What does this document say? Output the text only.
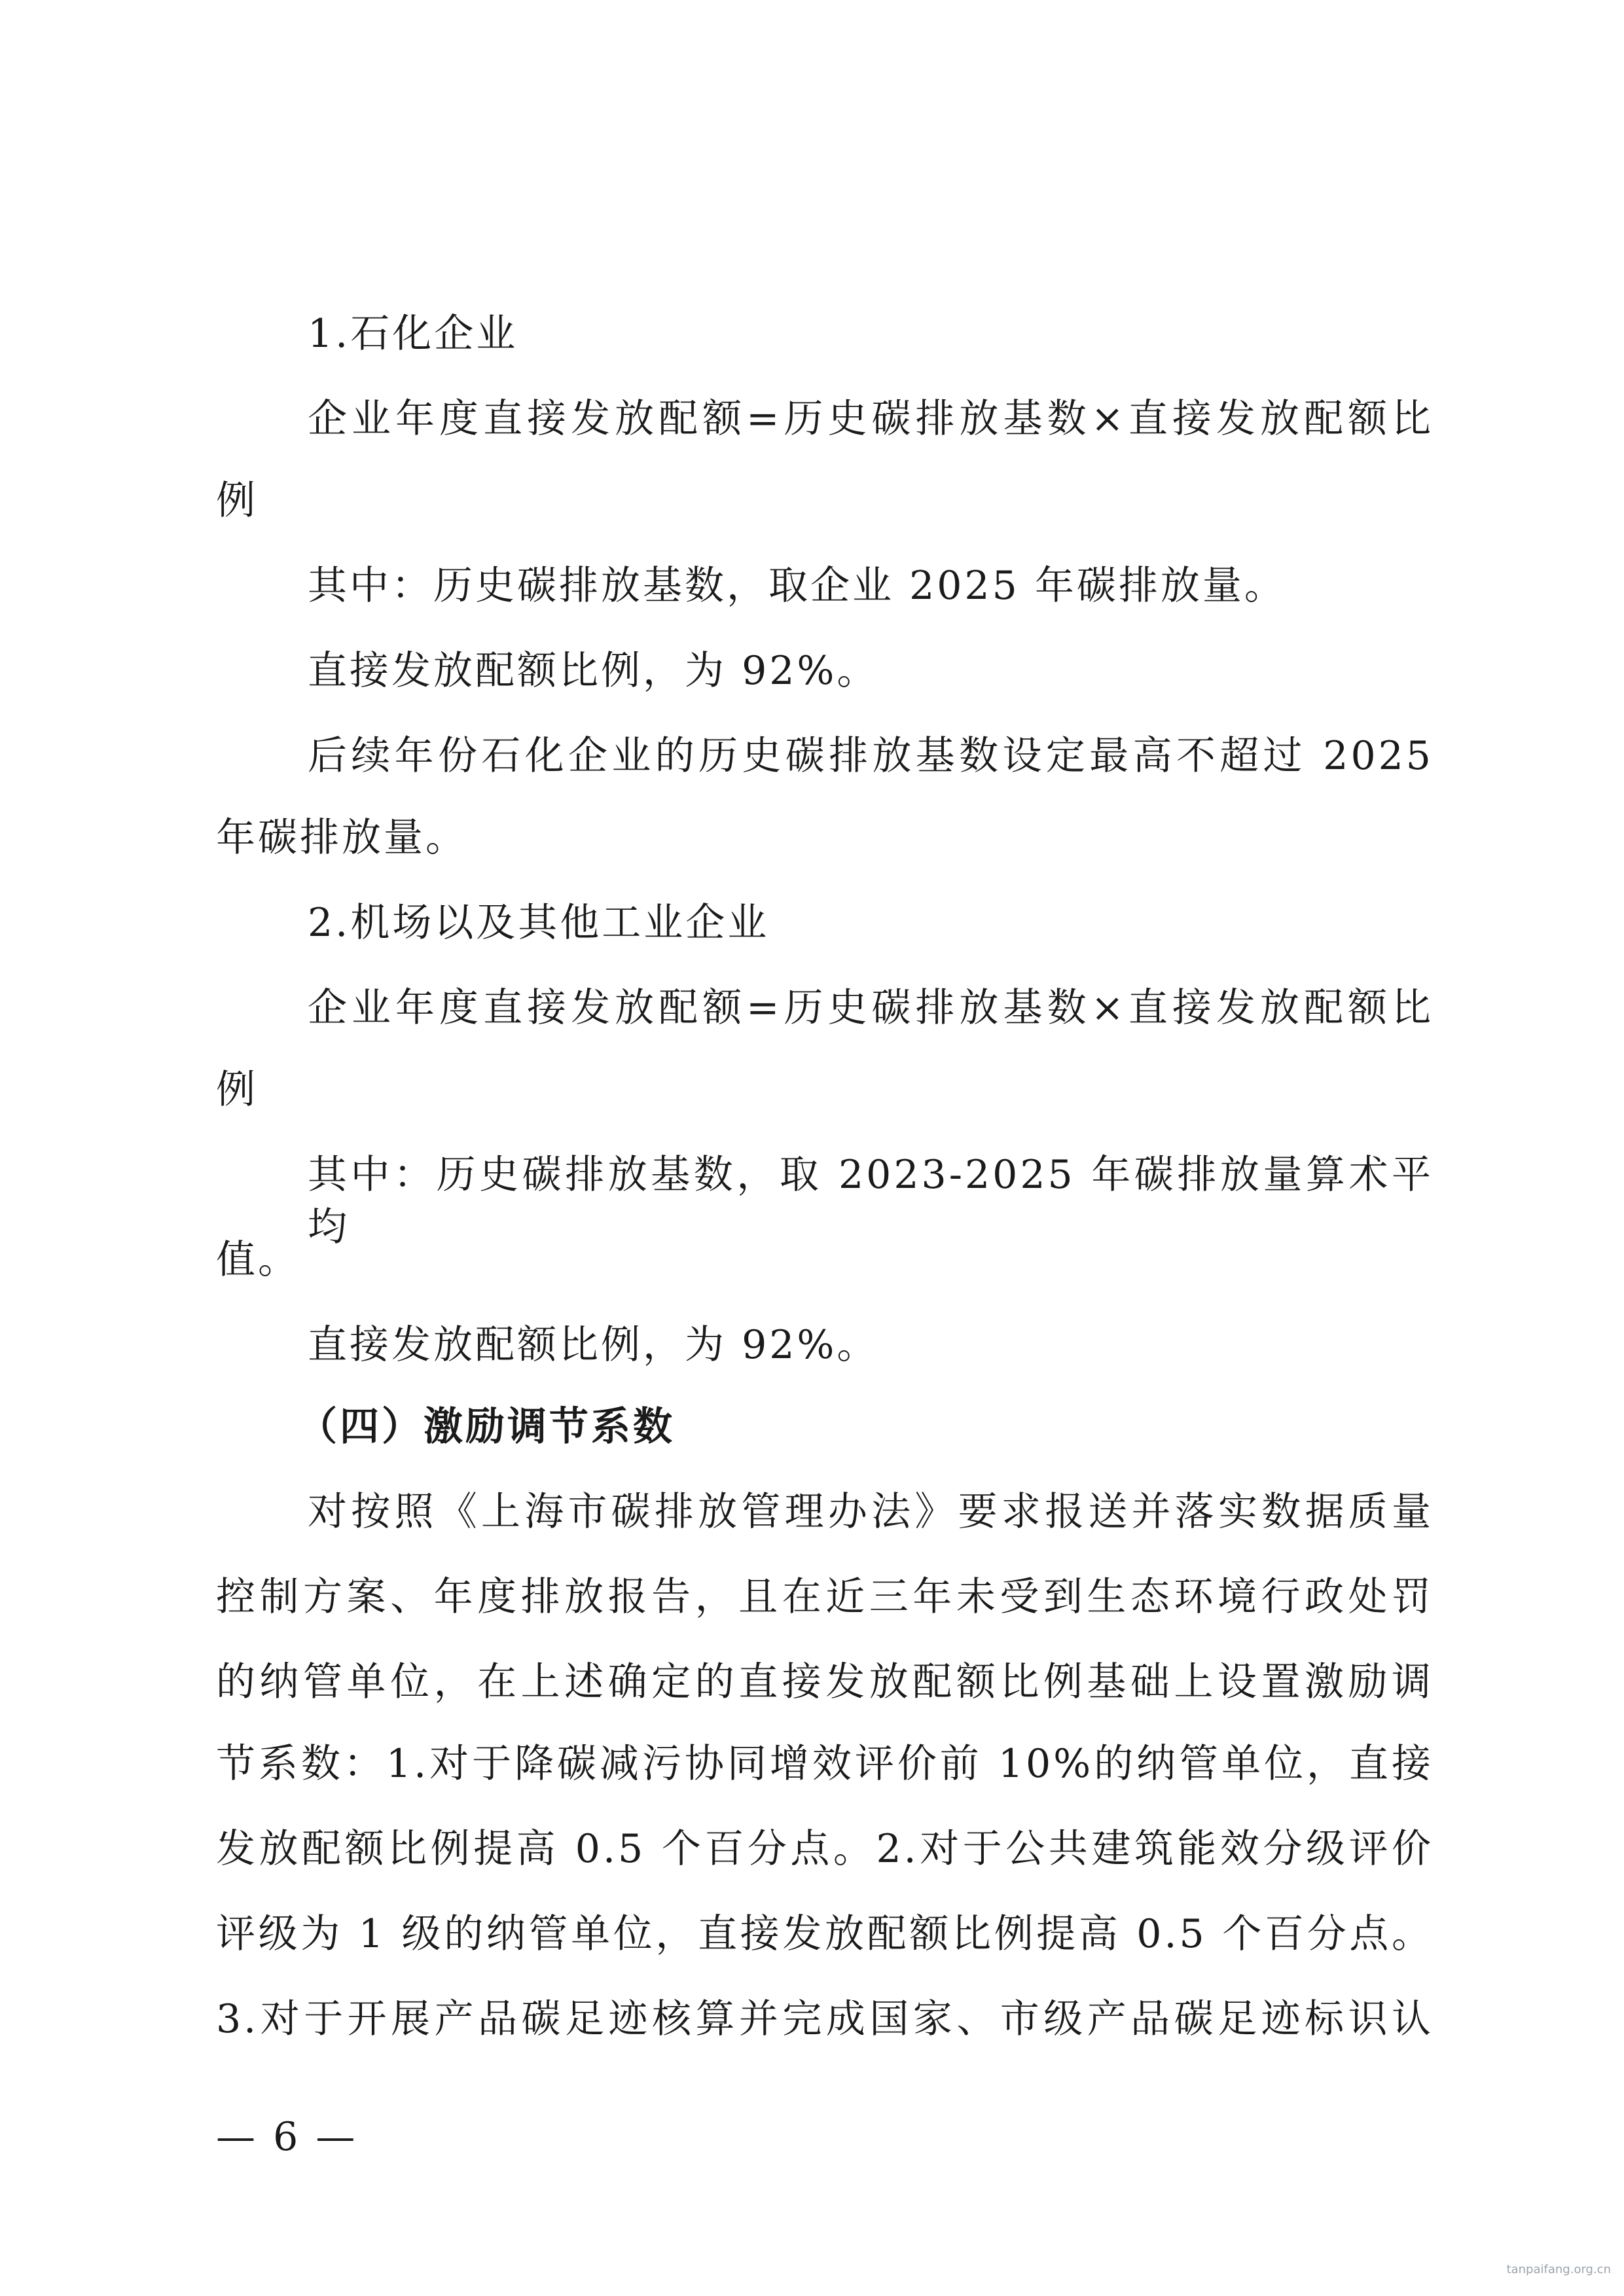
1.石化企业
企业年度直接发放配额=历史碳排放基数×直接发放配额比
例
其中：历史碳排放基数，取企业 2025 年碳排放量。
直接发放配额比例，为 92%。
后续年份石化企业的历史碳排放基数设定最高不超过 2025
年碳排放量。
2.机场以及其他工业企业
企业年度直接发放配额=历史碳排放基数×直接发放配额比
例
其中：历史碳排放基数，取 2023-2025 年碳排放量算术平均
值。
直接发放配额比例，为 92%。
（四）激励调节系数
对按照《上海市碳排放管理办法》要求报送并落实数据质量
控制方案、年度排放报告，且在近三年未受到生态环境行政处罚
的纳管单位，在上述确定的直接发放配额比例基础上设置激励调
节系数：1.对于降碳减污协同增效评价前 10%的纳管单位，直接
发放配额比例提高 0.5 个百分点。2.对于公共建筑能效分级评价
评级为 1 级的纳管单位，直接发放配额比例提高 0.5 个百分点。
3.对于开展产品碳足迹核算并完成国家、市级产品碳足迹标识认
— 6 —
tanpaifang.org.cn
